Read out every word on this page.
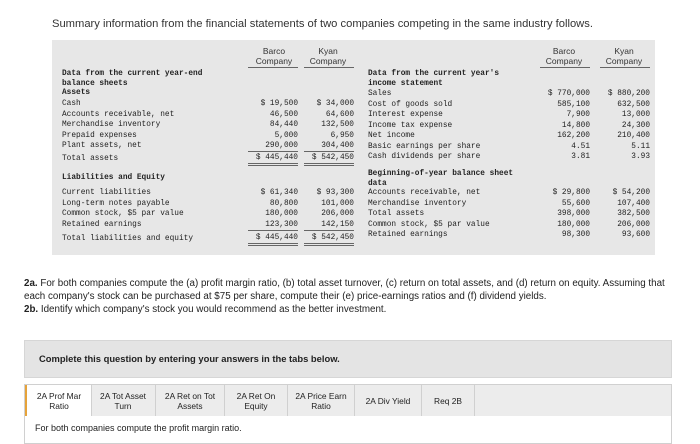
Summary information from the financial statements of two companies competing in the same industry follows.
Barco
Company
Kyan
Company
Data from the current year-end
balance sheets
Assets
Cash	$ 19,500	$ 34,000
Accounts receivable, net	46,500	64,600
Merchandise inventory	84,440	132,500
Prepaid expenses	5,000	6,950
Plant assets, net	290,000	304,400
Total assets	$ 445,440	$ 542,450
Liabilities and Equity
Current liabilities	$ 61,340	$ 93,300
Long-term notes payable	80,800	101,000
Common stock, $5 par value	180,000	206,000
Retained earnings	123,300	142,150
Total liabilities and equity	$ 445,440	$ 542,450
Barco
Company
Kyan
Company
Data from the current year's
income statement
Sales	$ 770,000	$ 880,200
Cost of goods sold	585,100	632,500
Interest expense	7,900	13,000
Income tax expense	14,800	24,300
Net income	162,200	210,400
Basic earnings per share	4.51	5.11
Cash dividends per share	3.81	3.93
Beginning-of-year balance sheet
data
Accounts receivable, net	$ 29,800	$ 54,200
Merchandise inventory	55,600	107,400
Total assets	398,000	382,500
Common stock, $5 par value	180,000	206,000
Retained earnings	98,300	93,600
2a. For both companies compute the (a) profit margin ratio, (b) total asset turnover, (c) return on total assets, and (d) return on equity. Assuming that each company's stock can be purchased at $75 per share, compute their (e) price-earnings ratios and (f) dividend yields.
2b. Identify which company's stock you would recommend as the better investment.
Complete this question by entering your answers in the tabs below.
2A Prof Mar
Ratio
2A Tot Asset
Turn
2A Ret on Tot
Assets
2A Ret On
Equity
2A Price Earn
Ratio	2A Div Yield	Req 2B
For both companies compute the profit margin ratio.
